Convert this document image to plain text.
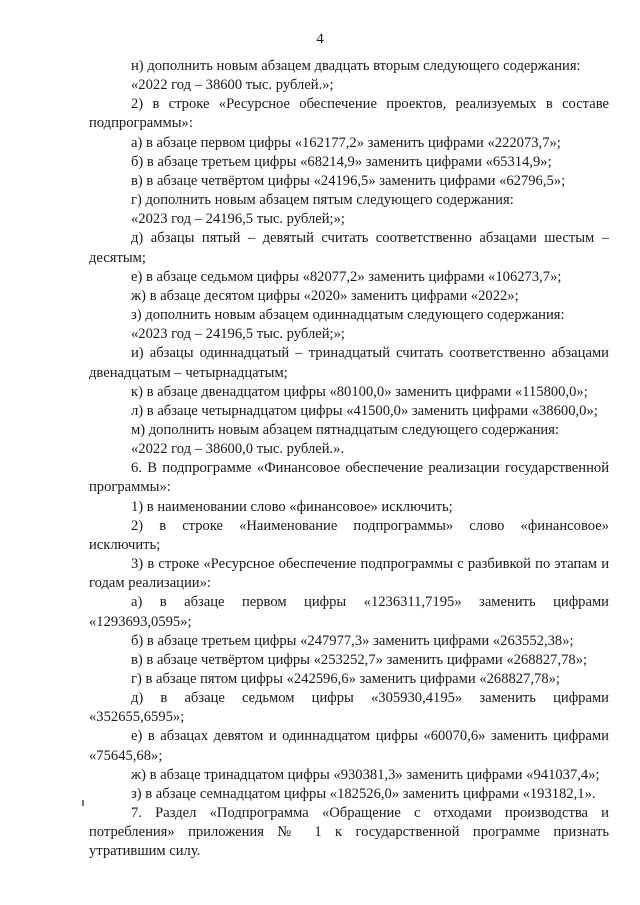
4

н) дополнить новым абзацем двадцать вторым следующего содержания:

«2022 год – 38600 тыс. рублей.»;

2) в строке «Ресурсное обеспечение проектов, реализуемых в составе подпрограммы»:

а) в абзаце первом цифры «162177,2» заменить цифрами «222073,7»;

б) в абзаце третьем цифры «68214,9» заменить цифрами «65314,9»;

в) в абзаце четвёртом цифры «24196,5» заменить цифрами «62796,5»;

г) дополнить новым абзацем пятым следующего содержания:

«2023 год – 24196,5 тыс. рублей;»;

д) абзацы пятый – девятый считать соответственно абзацами шестым – десятым;

е) в абзаце седьмом цифры «82077,2» заменить цифрами «106273,7»;

ж) в абзаце десятом цифры «2020» заменить цифрами «2022»;

з) дополнить новым абзацем одиннадцатым следующего содержания:

«2023 год – 24196,5 тыс. рублей;»;

и) абзацы одиннадцатый – тринадцатый считать соответственно абзацами двенадцатым – четырнадцатым;

к) в абзаце двенадцатом цифры «80100,0» заменить цифрами «115800,0»;

л) в абзаце четырнадцатом цифры «41500,0» заменить цифрами «38600,0»;

м) дополнить новым абзацем пятнадцатым следующего содержания:

«2022 год – 38600,0 тыс. рублей.».

6. В подпрограмме «Финансовое обеспечение реализации государственной программы»:

1) в наименовании слово «финансовое» исключить;

2) в строке «Наименование подпрограммы» слово «финансовое» исключить;

3) в строке «Ресурсное обеспечение подпрограммы с разбивкой по этапам и годам реализации»:

а) в абзаце первом цифры «1236311,7195» заменить цифрами «1293693,0595»;

б) в абзаце третьем цифры «247977,3» заменить цифрами «263552,38»;

в) в абзаце четвёртом цифры «253252,7» заменить цифрами «268827,78»;

г) в абзаце пятом цифры «242596,6» заменить цифрами «268827,78»;

д) в абзаце седьмом цифры «305930,4195» заменить цифрами «352655,6595»;

е) в абзацах девятом и одиннадцатом цифры «60070,6» заменить цифрами «75645,68»;

ж) в абзаце тринадцатом цифры «930381,3» заменить цифрами «941037,4»;

з) в абзаце семнадцатом цифры «182526,0» заменить цифрами «193182,1».

7. Раздел «Подпрограмма «Обращение с отходами производства и потребления» приложения № 1 к государственной программе признать утратившим силу.
